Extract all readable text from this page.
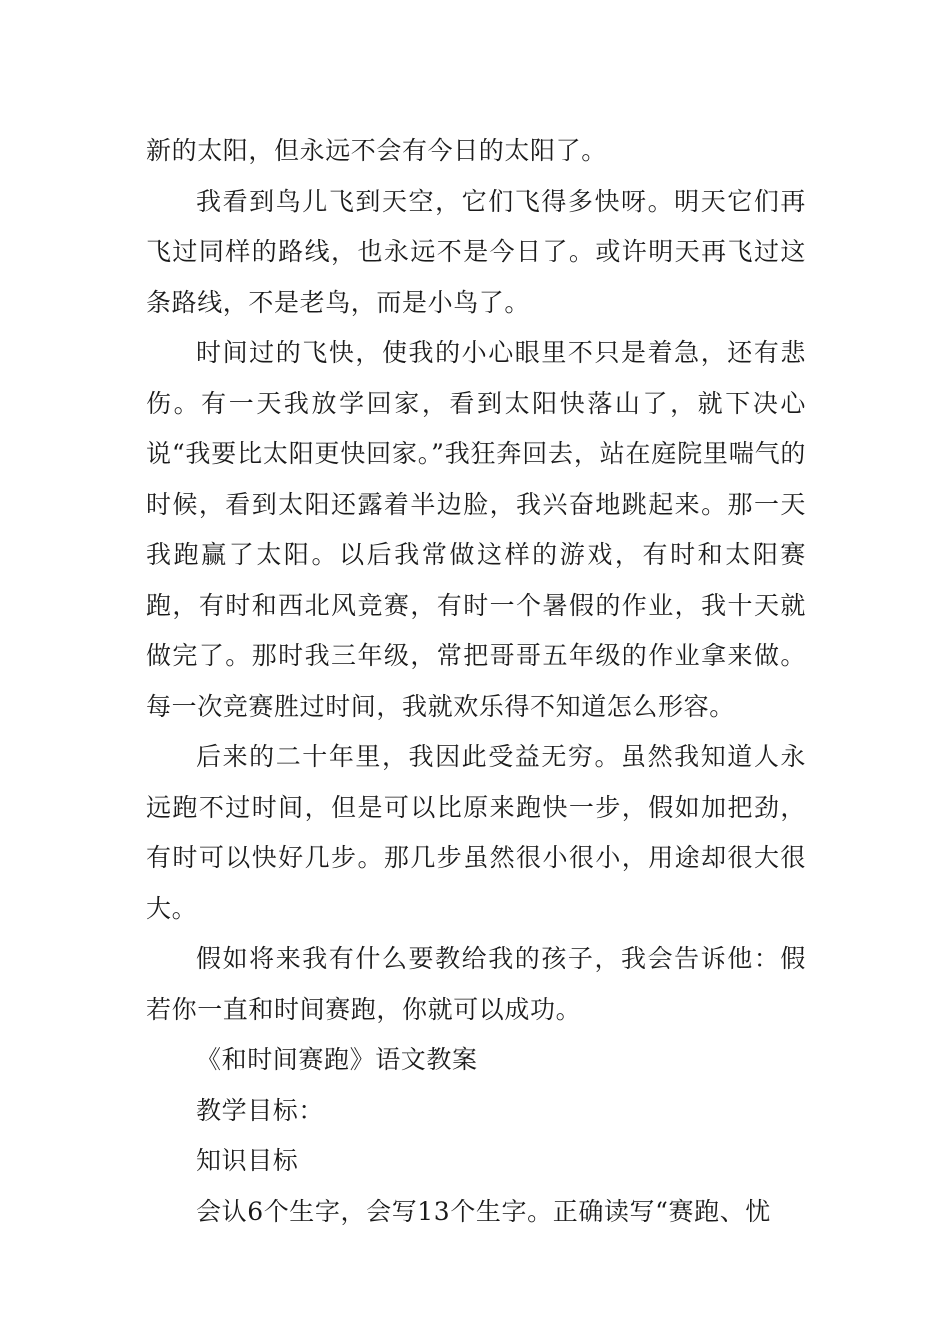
新的太阳，但永远不会有今日的太阳了。

我看到鸟儿飞到天空，它们飞得多快呀。明天它们再飞过同样的路线，也永远不是今日了。或许明天再飞过这条路线，不是老鸟，而是小鸟了。

时间过的飞快，使我的小心眼里不只是着急，还有悲伤。有一天我放学回家，看到太阳快落山了，就下决心说“我要比太阳更快回家。”我狂奔回去，站在庭院里喘气的时候，看到太阳还露着半边脸，我兴奋地跳起来。那一天我跑赢了太阳。以后我常做这样的游戏，有时和太阳赛跑，有时和西北风竞赛，有时一个暑假的作业，我十天就做完了。那时我三年级，常把哥哥五年级的作业拿来做。每一次竞赛胜过时间，我就欢乐得不知道怎么形容。

后来的二十年里，我因此受益无穷。虽然我知道人永远跑不过时间，但是可以比原来跑快一步，假如加把劲，有时可以快好几步。那几步虽然很小很小，用途却很大很大。

假如将来我有什么要教给我的孩子，我会告诉他：假若你一直和时间赛跑，你就可以成功。

《和时间赛跑》语文教案

教学目标：

知识目标

会认6个生字，会写13个生字。正确读写“赛跑、忧
